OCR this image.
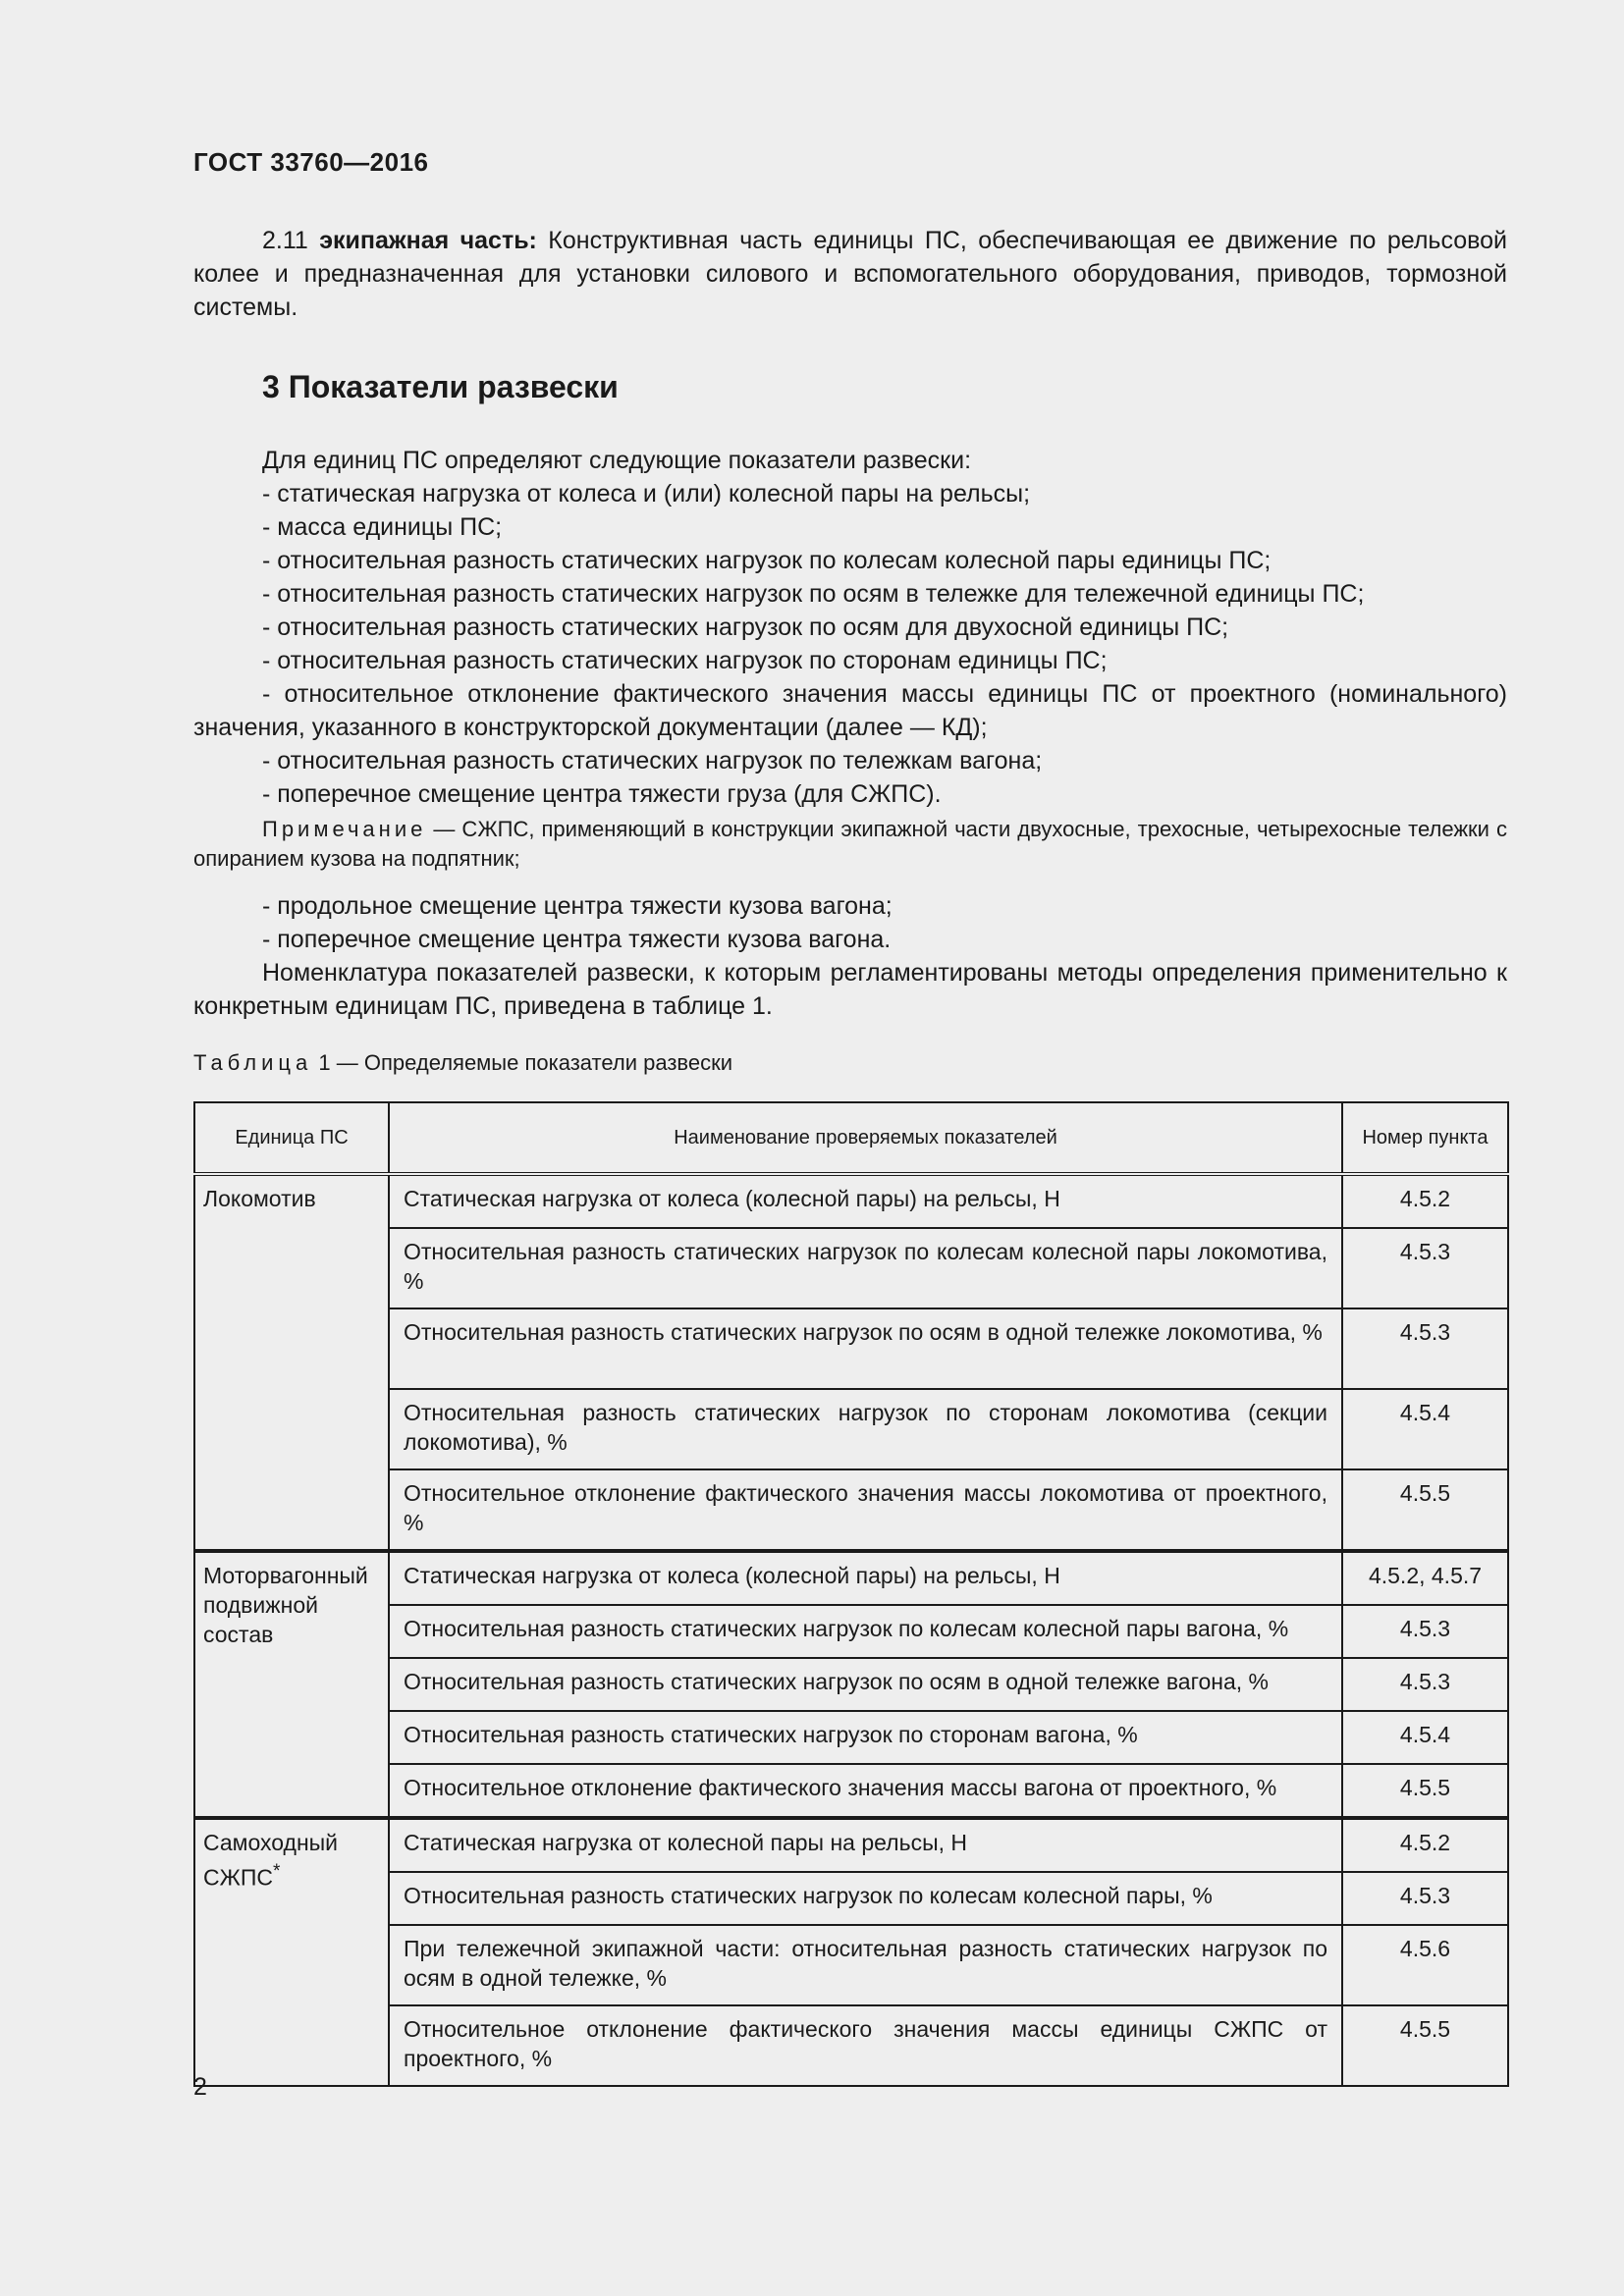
ГОСТ 33760—2016
2.11 экипажная часть: Конструктивная часть единицы ПС, обеспечивающая ее движение по рельсовой колее и предназначенная для установки силового и вспомогательного оборудования, приводов, тормозной системы.
3 Показатели развески
Для единиц ПС определяют следующие показатели развески:
- статическая нагрузка от колеса и (или) колесной пары на рельсы;
- масса единицы ПС;
- относительная разность статических нагрузок по колесам колесной пары единицы ПС;
- относительная разность статических нагрузок по осям в тележке для тележечной единицы ПС;
- относительная разность статических нагрузок по осям для двухосной единицы ПС;
- относительная разность статических нагрузок по сторонам единицы ПС;
- относительное отклонение фактического значения массы единицы ПС от проектного (номинального) значения, указанного в конструкторской документации (далее — КД);
- относительная разность статических нагрузок по тележкам вагона;
- поперечное смещение центра тяжести груза (для СЖПС).
Примечание — СЖПС, применяющий в конструкции экипажной части двухосные, трехосные, четырехосные тележки с опиранием кузова на подпятник;
- продольное смещение центра тяжести кузова вагона;
- поперечное смещение центра тяжести кузова вагона.
Номенклатура показателей развески, к которым регламентированы методы определения применительно к конкретным единицам ПС, приведена в таблице 1.
Таблица 1 — Определяемые показатели развески
Единица ПС	Наименование проверяемых показателей	Номер пункта
Локомотив	Статическая нагрузка от колеса (колесной пары) на рельсы, Н	4.5.2
	Относительная разность статических нагрузок по колесам колесной пары локомотива, %	4.5.3
	Относительная разность статических нагрузок по осям в одной тележке локомотива, %	4.5.3
	Относительная разность статических нагрузок по сторонам локомотива (секции локомотива), %	4.5.4
	Относительное отклонение фактического значения массы локомотива от проектного, %	4.5.5
Моторвагонный подвижной состав	Статическая нагрузка от колеса (колесной пары) на рельсы, Н	4.5.2, 4.5.7
	Относительная разность статических нагрузок по колесам колесной пары вагона, %	4.5.3
	Относительная разность статических нагрузок по осям в одной тележке вагона, %	4.5.3
	Относительная разность статических нагрузок по сторонам вагона, %	4.5.4
	Относительное отклонение фактического значения массы вагона от проектного, %	4.5.5
Самоходный СЖПС*	Статическая нагрузка от колесной пары на рельсы, Н	4.5.2
	Относительная разность статических нагрузок по колесам колесной пары, %	4.5.3
	При тележечной экипажной части: относительная разность статических нагрузок по осям в одной тележке, %	4.5.6
	Относительное отклонение фактического значения массы единицы СЖПС от проектного, %	4.5.5
2
